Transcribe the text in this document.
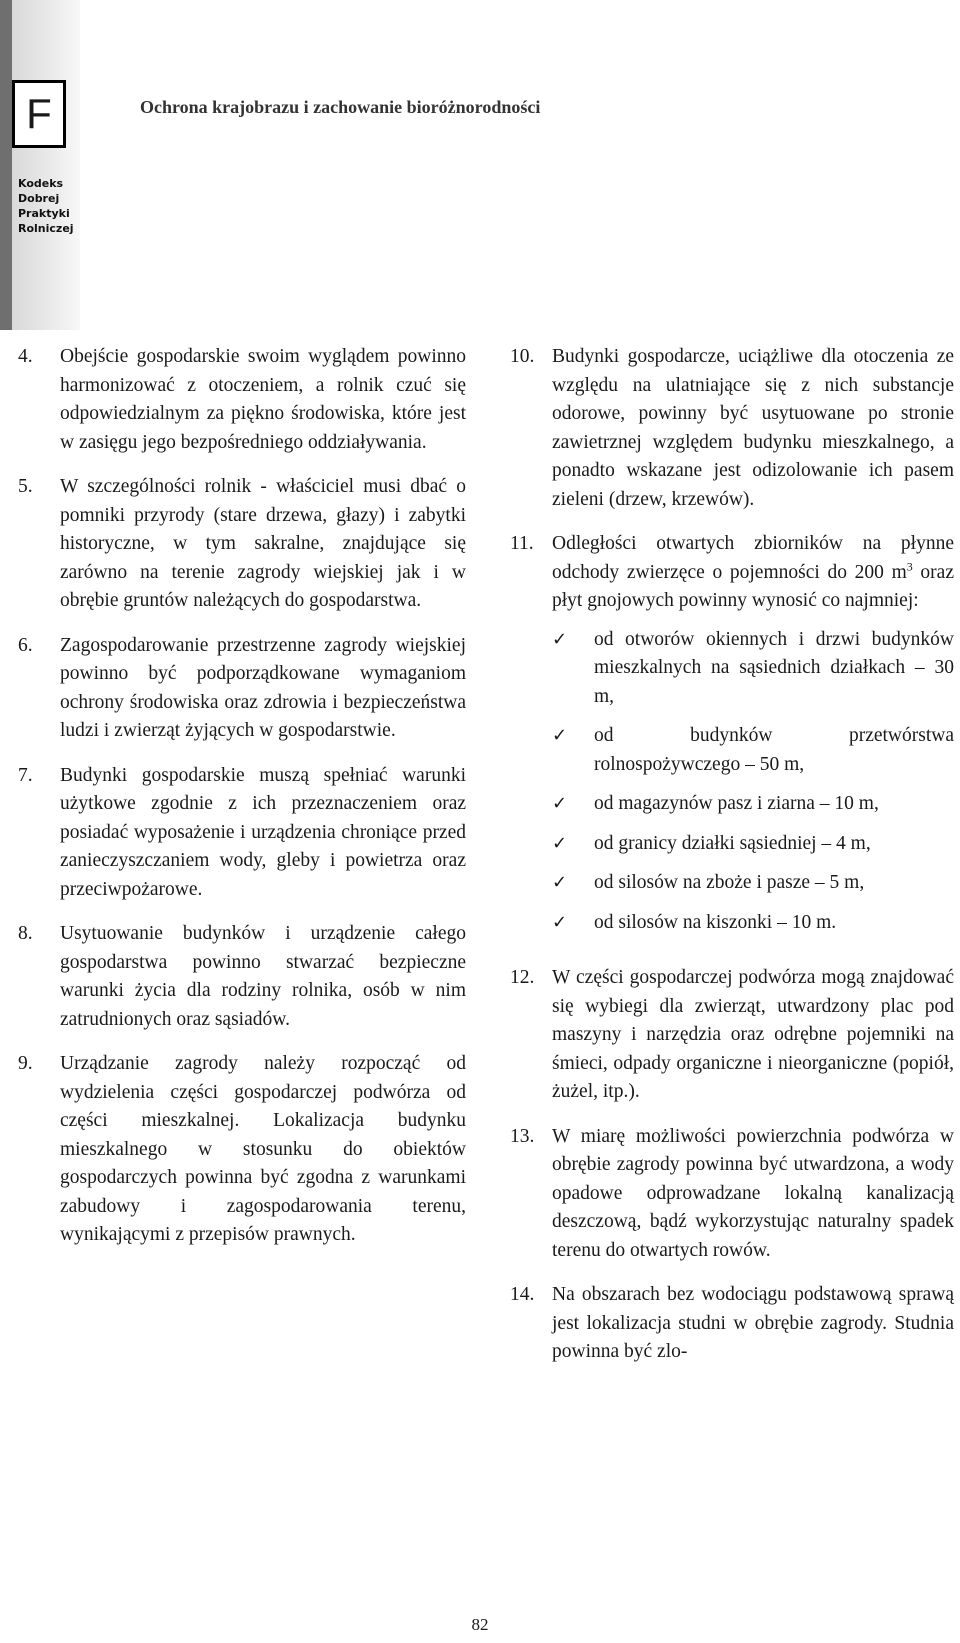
F	Ochrona krajobrazu i zachowanie bioróżnorodności
Kodeks
Dobrej
Praktyki
Rolniczej
4.	Obejście gospodarskie swoim wyglądem powinno harmonizować z otoczeniem, a rolnik czuć się odpowiedzialnym za piękno środowiska, które jest w zasięgu jego bezpośredniego oddziaływania.
5.	W szczególności rolnik - właściciel musi dbać o pomniki przyrody (stare drzewa, głazy) i zabytki historyczne, w tym sakralne, znajdujące się zarówno na terenie zagrody wiejskiej jak i w obrębie gruntów należących do gospodarstwa.
6.	Zagospodarowanie przestrzenne zagrody wiejskiej powinno być podporządkowane wymaganiom ochrony środowiska oraz zdrowia i bezpieczeństwa ludzi i zwierząt żyjących w gospodarstwie.
7.	Budynki gospodarskie muszą spełniać warunki użytkowe zgodnie z ich przeznaczeniem oraz posiadać wyposażenie i urządzenia chroniące przed zanieczyszczaniem wody, gleby i powietrza oraz przeciwpożarowe.
8.	Usytuowanie budynków i urządzenie całego gospodarstwa powinno stwarzać bezpieczne warunki życia dla rodziny rolnika, osób w nim zatrudnionych oraz sąsiadów.
9.	Urządzanie zagrody należy rozpocząć od wydzielenia części gospodarczej podwórza od części mieszkalnej. Lokalizacja budynku mieszkalnego w stosunku do obiektów gospodarczych powinna być zgodna z warunkami zabudowy i zagospodarowania terenu, wynikającymi z przepisów prawnych.
10. Budynki gospodarcze, uciążliwe dla otoczenia ze względu na ulatniające się z nich substancje odorowe, powinny być usytuowane po stronie zawietrznej względem budynku mieszkalnego, a ponadto wskazane jest odizolowanie ich pasem zieleni (drzew, krzewów).
11. Odległości otwartych zbiorników na płynne odchody zwierzęce o pojemności do 200 $m^3$ oraz płyt gnojowych powinny wynosić co najmniej:
✓	od otworów okiennych i drzwi budynków mieszkalnych na sąsiednich działkach – 30 m,
✓	od budynków przetwórstwa rolnospożywczego – 50 m,
✓	od magazynów pasz i ziarna – 10 m,
✓	od granicy działki sąsiedniej – 4 m,
✓	od silosów na zboże i pasze – 5 m,
✓	od silosów na kiszonki – 10 m.
12. W części gospodarczej podwórza mogą znajdować się wybiegi dla zwierząt, utwardzony plac pod maszyny i narzędzia oraz odrębne pojemniki na śmieci, odpady organiczne i nieorganiczne (popiół, żużel, itp.).
13. W miarę możliwości powierzchnia podwórza w obrębie zagrody powinna być utwardzona, a wody opadowe odprowadzane lokalną kanalizacją deszczową, bądź wykorzystując naturalny spadek terenu do otwartych rowów.
14. Na obszarach bez wodociągu podstawową sprawą jest lokalizacja studni w obrębie zagrody. Studnia powinna być zlo-
82
